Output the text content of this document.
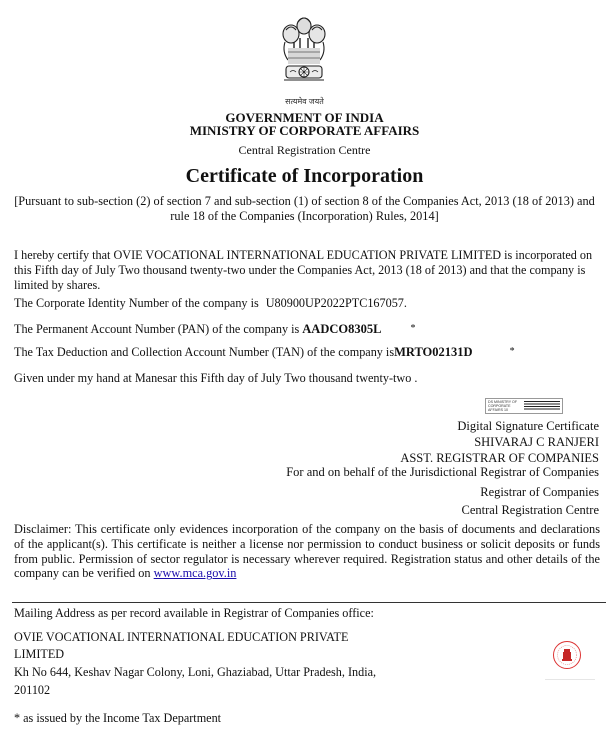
सत्यमेव जयते
GOVERNMENT OF INDIA
MINISTRY OF CORPORATE AFFAIRS
Central Registration Centre
Certificate of Incorporation
[Pursuant to sub-section (2) of section 7 and sub-section (1) of section 8 of the Companies Act, 2013 (18 of 2013) and rule 18 of the Companies (Incorporation) Rules, 2014]
I hereby certify that OVIE VOCATIONAL INTERNATIONAL EDUCATION PRIVATE LIMITED is incorporated on this Fifth day of July Two thousand twenty-two under the Companies Act, 2013 (18 of 2013) and that the company is limited by shares.
The Corporate Identity Number of the company is U80900UP2022PTC167057.
The Permanent Account Number (PAN) of the company is AADCO8305L	*
The Tax Deduction and Collection Account Number (TAN) of the company isMRTO02131D	*
Given under my hand at Manesar this Fifth day of July Two thousand twenty-two .
DS MINISTRY OF CORPORATE AFFAIRS 10
Digital Signature Certificate
SHIVARAJ C RANJERI
ASST. REGISTRAR OF COMPANIES
For and on behalf of the Jurisdictional Registrar of Companies
Registrar of Companies
Central Registration Centre
Disclaimer: This certificate only evidences incorporation of the company on the basis of documents and declarations of the applicant(s). This certificate is neither a license nor permission to conduct business or solicit deposits or funds from public. Permission of sector regulator is necessary wherever required. Registration status and other details of the company can be verified on www.mca.gov.in
Mailing Address as per record available in Registrar of Companies office:
OVIE VOCATIONAL INTERNATIONAL EDUCATION PRIVATE
LIMITED
Kh No 644, Keshav Nagar Colony, Loni, Ghaziabad, Uttar Pradesh, India,
201102
* as issued by the Income Tax Department
